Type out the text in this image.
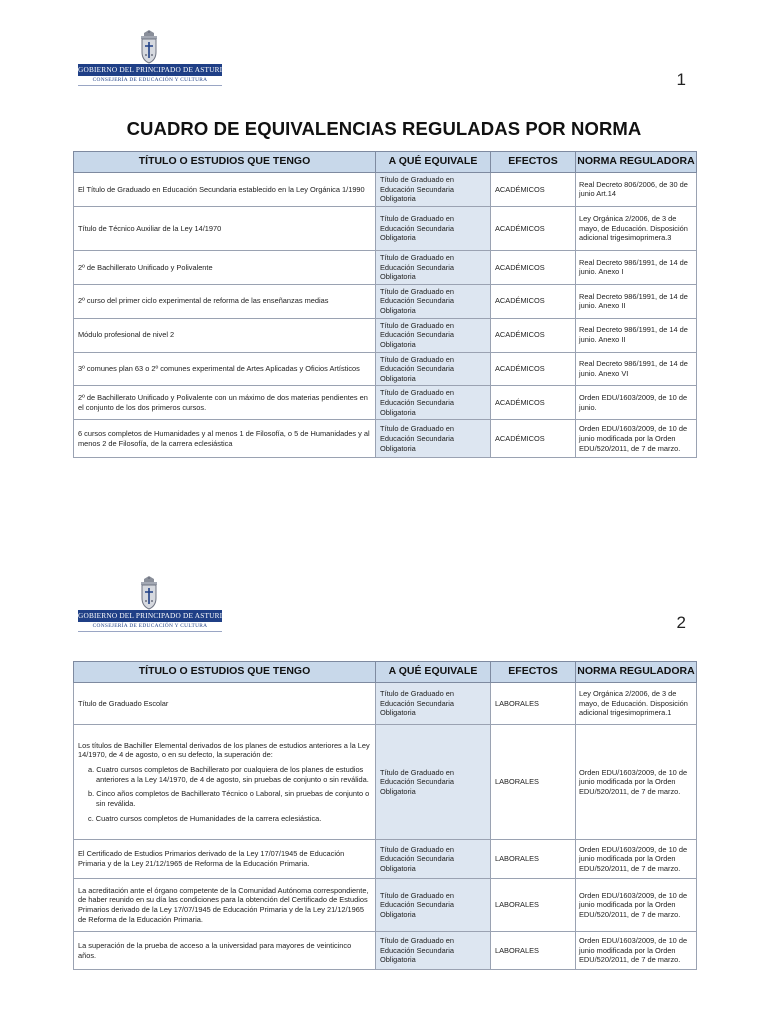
GOBIERNO DEL PRINCIPADO DE ASTURIAS
CONSEJERÍA DE EDUCACIÓN Y CULTURA	1
CUADRO DE EQUIVALENCIAS REGULADAS POR NORMA
TÍTULO O ESTUDIOS QUE TENGO	A QUÉ EQUIVALE	EFECTOS	NORMA REGULADORA
El Título de Graduado en Educación Secundaria establecido en la Ley Orgánica 1/1990	Título de Graduado en Educación Secundaria Obligatoria	ACADÉMICOS	Real Decreto 806/2006, de 30 de junio Art.14
Título de Técnico Auxiliar de la Ley 14/1970	Título de Graduado en Educación Secundaria Obligatoria	ACADÉMICOS	Ley Orgánica 2/2006, de 3 de mayo, de Educación. Disposición adicional trigesimoprimera.3
2º de Bachillerato Unificado y Polivalente	Título de Graduado en Educación Secundaria Obligatoria	ACADÉMICOS	Real Decreto 986/1991, de 14 de junio. Anexo I
2º curso del primer ciclo experimental de reforma de las enseñanzas medias	Título de Graduado en Educación Secundaria Obligatoria	ACADÉMICOS	Real Decreto 986/1991, de 14 de junio. Anexo II
Módulo profesional de nivel 2	Título de Graduado en Educación Secundaria Obligatoria	ACADÉMICOS	Real Decreto 986/1991, de 14 de junio. Anexo II
3º comunes plan 63 o 2º comunes experimental de Artes Aplicadas y Oficios Artísticos	Título de Graduado en Educación Secundaria Obligatoria	ACADÉMICOS	Real Decreto 986/1991, de 14 de junio. Anexo VI
2º de Bachillerato Unificado y Polivalente con un máximo de dos materias pendientes en el conjunto de los dos primeros cursos.	Título de Graduado en Educación Secundaria Obligatoria	ACADÉMICOS	Orden EDU/1603/2009, de 10 de junio.
6 cursos completos de Humanidades y al menos 1 de Filosofía, o 5 de Humanidades y al menos 2 de Filosofía, de la carrera eclesiástica	Título de Graduado en Educación Secundaria Obligatoria	ACADÉMICOS	Orden EDU/1603/2009, de 10 de junio modificada por la Orden EDU/520/2011, de 7 de marzo.
GOBIERNO DEL PRINCIPADO DE ASTURIAS
CONSEJERÍA DE EDUCACIÓN Y CULTURA	2
TÍTULO O ESTUDIOS QUE TENGO	A QUÉ EQUIVALE	EFECTOS	NORMA REGULADORA
Título de Graduado Escolar	Título de Graduado en Educación Secundaria Obligatoria	LABORALES	Ley Orgánica 2/2006, de 3 de mayo, de Educación. Disposición adicional trigesimoprimera.1

Los títulos de Bachiller Elemental derivados de los planes de estudios anteriores a la Ley 14/1970, de 4 de agosto, o en su defecto, la superación de:
a. Cuatro cursos completos de Bachillerato por cualquiera de los planes de estudios anteriores a la Ley 14/1970, de 4 de agosto, sin pruebas de conjunto o sin reválida.
b. Cinco años completos de Bachillerato Técnico o Laboral, sin pruebas de conjunto o sin reválida.
c. Cuatro cursos completos de Humanidades de la carrera eclesiástica.	Título de Graduado en Educación Secundaria Obligatoria	LABORALES	Orden EDU/1603/2009, de 10 de junio modificada por la Orden EDU/520/2011, de 7 de marzo.
El Certificado de Estudios Primarios derivado de la Ley 17/07/1945 de Educación Primaria y de la Ley 21/12/1965 de Reforma de la Educación Primaria.	Título de Graduado en Educación Secundaria Obligatoria	LABORALES	Orden EDU/1603/2009, de 10 de junio modificada por la Orden EDU/520/2011, de 7 de marzo.
La acreditación ante el órgano competente de la Comunidad Autónoma correspondiente, de haber reunido en su día las condiciones para la obtención del Certificado de Estudios Primarios derivado de la Ley 17/07/1945 de Educación Primaria y de la Ley 21/12/1965 de Reforma de la Educación Primaria.	Título de Graduado en Educación Secundaria Obligatoria	LABORALES	Orden EDU/1603/2009, de 10 de junio modificada por la Orden EDU/520/2011, de 7 de marzo.
La superación de la prueba de acceso a la universidad para mayores de veinticinco años.	Título de Graduado en Educación Secundaria Obligatoria	LABORALES	Orden EDU/1603/2009, de 10 de junio modificada por la Orden EDU/520/2011, de 7 de marzo.
